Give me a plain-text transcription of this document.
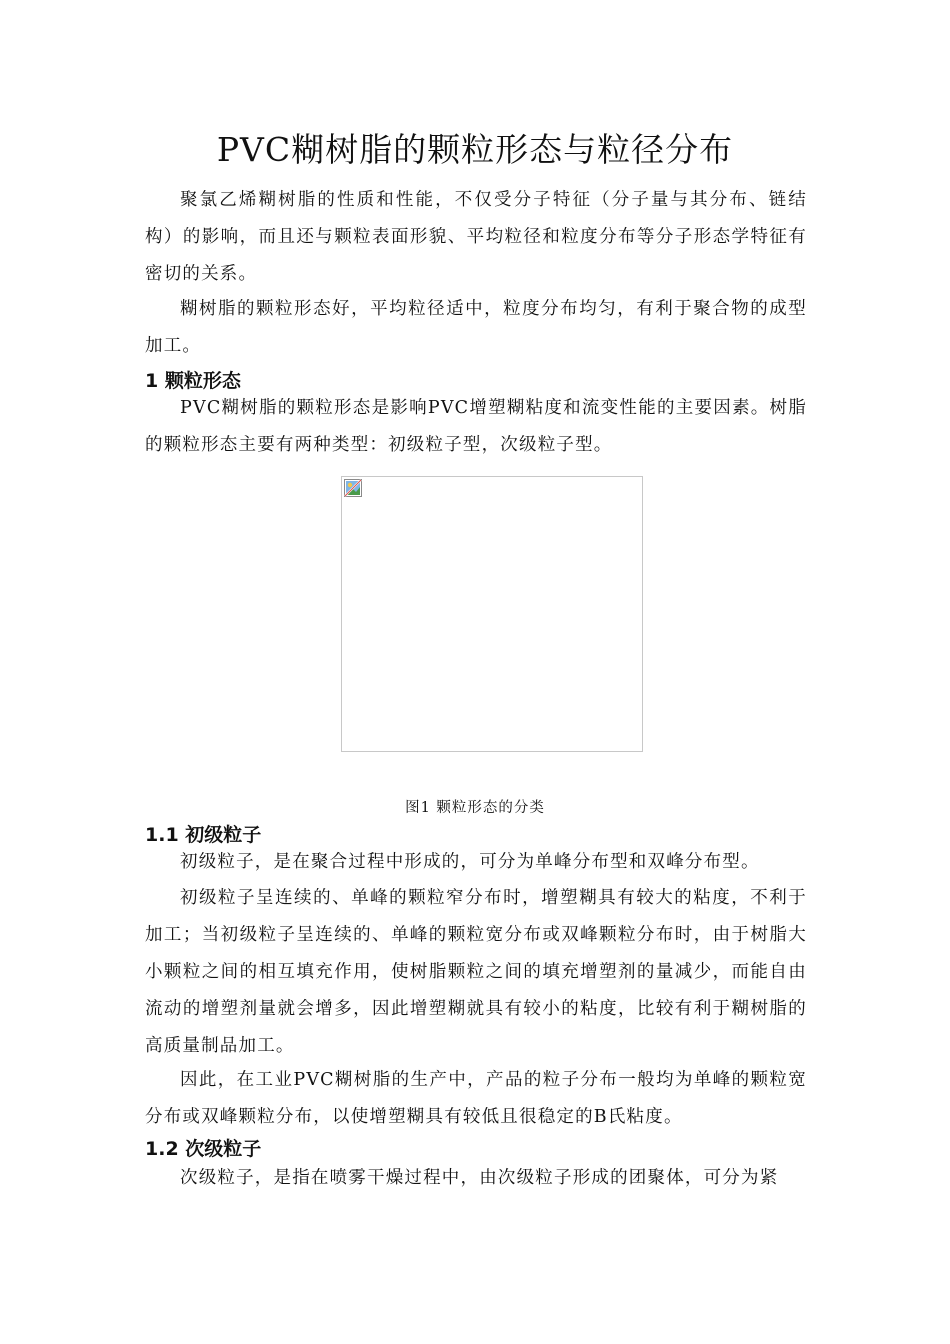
PVC糊树脂的颗粒形态与粒径分布

聚氯乙烯糊树脂的性质和性能，不仅受分子特征（分子量与其分布、链结构）的影响，而且还与颗粒表面形貌、平均粒径和粒度分布等分子形态学特征有密切的关系。

糊树脂的颗粒形态好，平均粒径适中，粒度分布均匀，有利于聚合物的成型加工。

1 颗粒形态

PVC糊树脂的颗粒形态是影响PVC增塑糊粘度和流变性能的主要因素。树脂的颗粒形态主要有两种类型：初级粒子型，次级粒子型。

图1 颗粒形态的分类

1.1 初级粒子

初级粒子，是在聚合过程中形成的，可分为单峰分布型和双峰分布型。

初级粒子呈连续的、单峰的颗粒窄分布时，增塑糊具有较大的粘度，不利于加工；当初级粒子呈连续的、单峰的颗粒宽分布或双峰颗粒分布时，由于树脂大小颗粒之间的相互填充作用，使树脂颗粒之间的填充增塑剂的量减少，而能自由流动的增塑剂量就会增多，因此增塑糊就具有较小的粘度，比较有利于糊树脂的高质量制品加工。

因此，在工业PVC糊树脂的生产中，产品的粒子分布一般均为单峰的颗粒宽分布或双峰颗粒分布，以使增塑糊具有较低且很稳定的B氏粘度。

1.2 次级粒子

次级粒子，是指在喷雾干燥过程中，由次级粒子形成的团聚体，可分为紧
